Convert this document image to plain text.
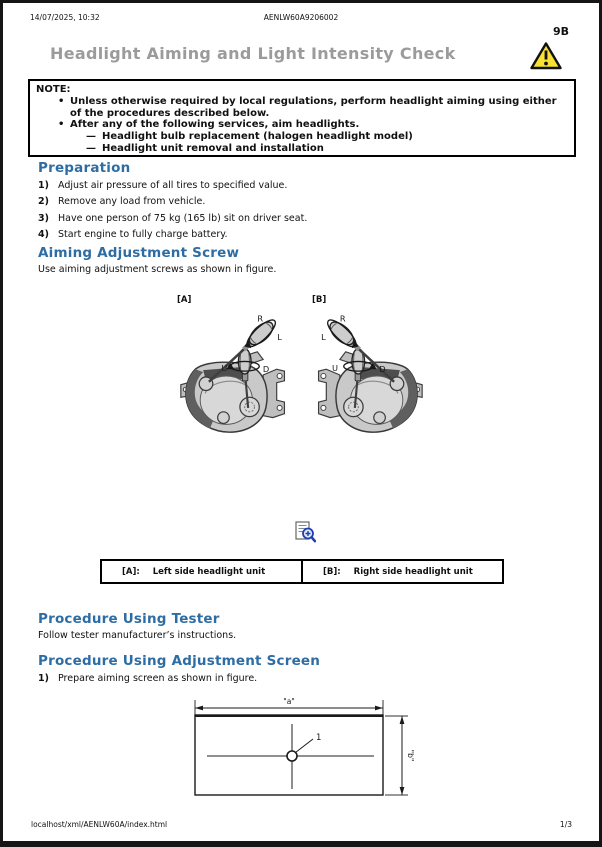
14/07/2025, 10:32	AENLW60A9206002
9B
Headlight Aiming and Light Intensity Check
NOTE:
• Unless otherwise required by local regulations, perform headlight aiming using either of the procedures described below.
• After any of the following services, aim headlights.
— Headlight bulb replacement (halogen headlight model)
— Headlight unit removal and installation
Preparation
1) Adjust air pressure of all tires to specified value.
2) Remove any load from vehicle.
3) Have one person of 75 kg (165 lb) sit on driver seat.
4) Start engine to fully charge battery.
Aiming Adjustment Screw
Use aiming adjustment screws as shown in figure.
[A]	[B]
R
L
U	D
R
L
U	D
[A]: Left side headlight unit	[B]: Right side headlight unit
Procedure Using Tester
Follow tester manufacturer’s instructions.
Procedure Using Adjustment Screen
1) Prepare aiming screen as shown in figure.
"a"
1
"b"
localhost/xml/AENLW60A/index.html	1/3
